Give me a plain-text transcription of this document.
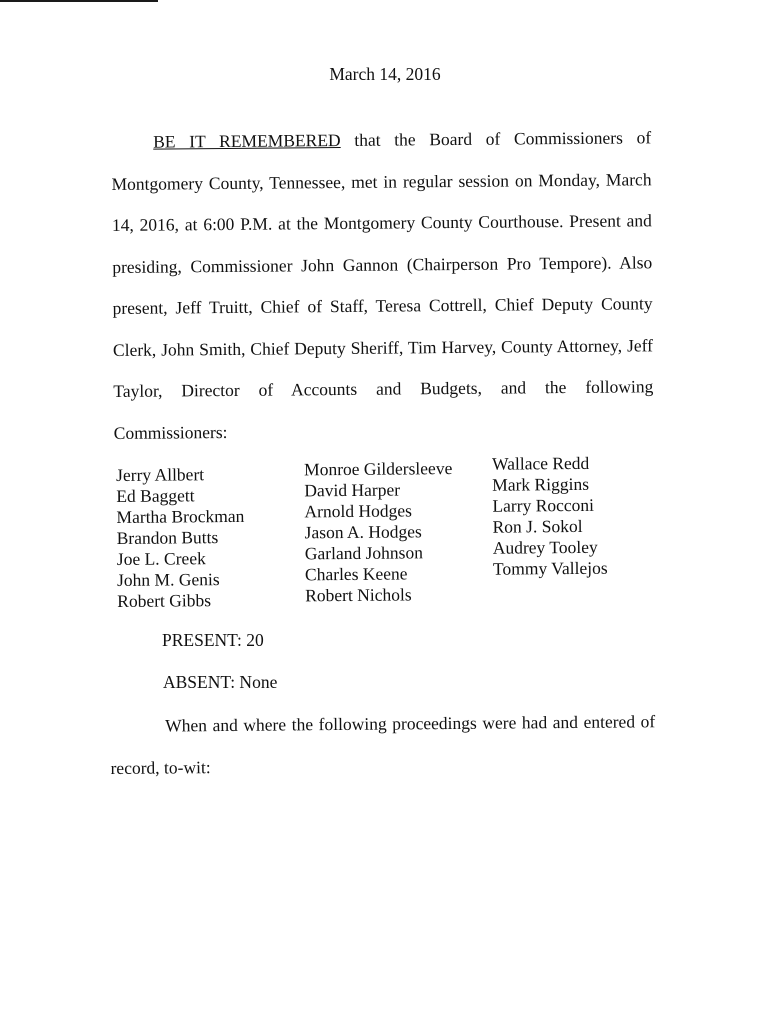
March 14, 2016
BE IT REMEMBERED that the Board of Commissioners of Montgomery County, Tennessee, met in regular session on Monday, March 14, 2016, at 6:00 P.M. at the Montgomery County Courthouse. Present and presiding, Commissioner John Gannon (Chairperson Pro Tempore). Also present, Jeff Truitt, Chief of Staff, Teresa Cottrell, Chief Deputy County Clerk, John Smith, Chief Deputy Sheriff, Tim Harvey, County Attorney, Jeff Taylor, Director of Accounts and Budgets, and the following Commissioners:
Jerry Allbert
Ed Baggett
Martha Brockman
Brandon Butts
Joe L. Creek
John M. Genis
Robert Gibbs
Monroe Gildersleeve
David Harper
Arnold Hodges
Jason A. Hodges
Garland Johnson
Charles Keene
Robert Nichols
Wallace Redd
Mark Riggins
Larry Rocconi
Ron J. Sokol
Audrey Tooley
Tommy Vallejos
PRESENT: 20
ABSENT: None
When and where the following proceedings were had and entered of record, to-wit:
